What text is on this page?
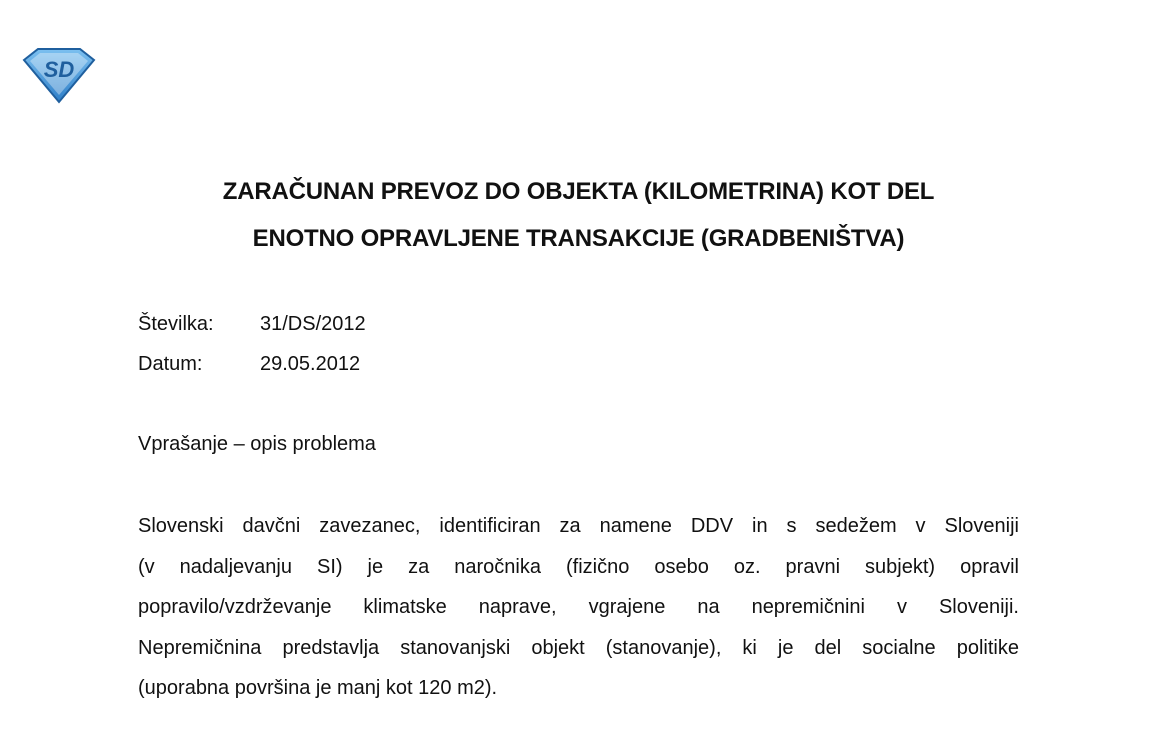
SD
ZARAČUNAN PREVOZ DO OBJEKTA (KILOMETRINA) KOT DEL
ENOTNO OPRAVLJENE TRANSAKCIJE (GRADBENIŠTVA)
Številka:	31/DS/2012
Datum:	29.05.2012
Vprašanje – opis problema
Slovenski davčni zavezanec, identificiran za namene DDV in s sedežem v Sloveniji
(v nadaljevanju SI) je za naročnika (fizično osebo oz. pravni subjekt) opravil
popravilo/vzdrževanje klimatske naprave, vgrajene na nepremičnini v Sloveniji.
Nepremičnina predstavlja stanovanjski objekt (stanovanje), ki je del socialne politike
(uporabna površina je manj kot 120 m2).
